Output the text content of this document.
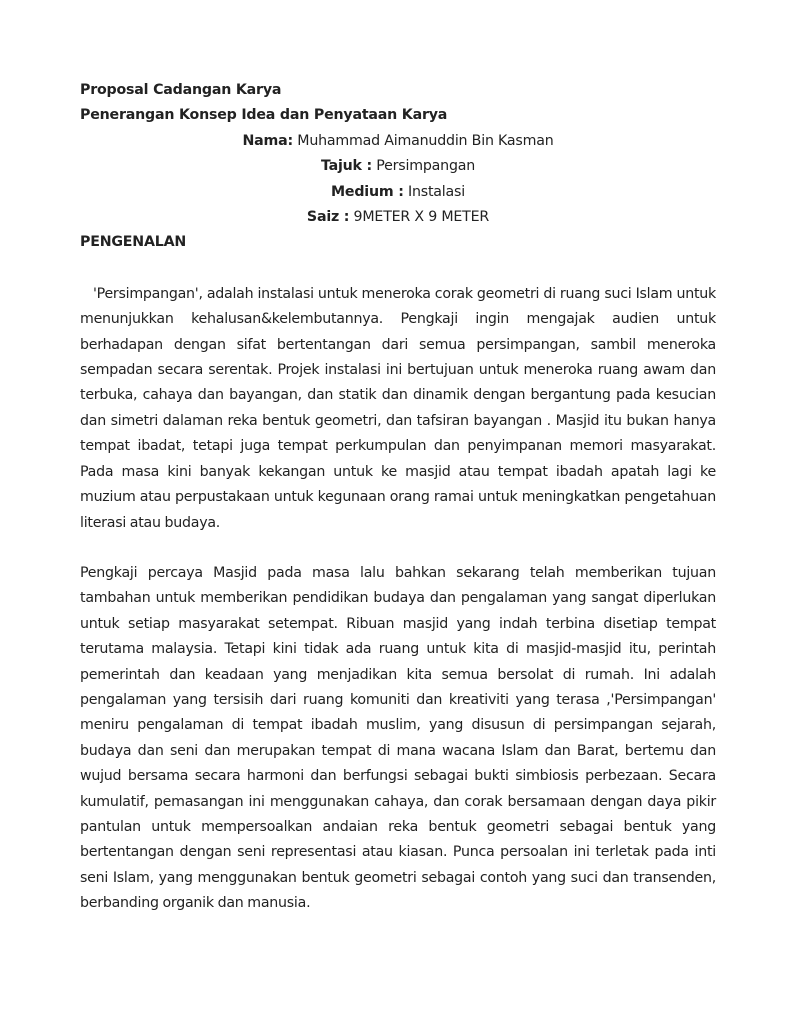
Proposal Cadangan Karya

Penerangan Konsep Idea dan Penyataan Karya

Nama: Muhammad Aimanuddin Bin Kasman

Tajuk : Persimpangan

Medium : Instalasi

Saiz : 9METER X 9 METER

PENGENALAN

'Persimpangan', adalah instalasi untuk meneroka corak geometri di ruang suci Islam untuk menunjukkan kehalusan&kelembutannya. Pengkaji ingin mengajak audien untuk berhadapan dengan sifat bertentangan dari semua persimpangan, sambil meneroka sempadan secara serentak. Projek instalasi ini bertujuan untuk meneroka ruang awam dan terbuka, cahaya dan bayangan, dan statik dan dinamik dengan bergantung pada kesucian dan simetri dalaman reka bentuk geometri, dan tafsiran bayangan . Masjid itu bukan hanya tempat ibadat, tetapi juga tempat perkumpulan dan penyimpanan memori masyarakat. Pada masa kini banyak kekangan untuk ke masjid atau tempat ibadah apatah lagi ke muzium atau perpustakaan untuk kegunaan orang ramai untuk meningkatkan pengetahuan literasi atau budaya.

Pengkaji percaya Masjid pada masa lalu bahkan sekarang telah memberikan tujuan tambahan untuk memberikan pendidikan budaya dan pengalaman yang sangat diperlukan untuk setiap masyarakat setempat. Ribuan masjid yang indah terbina disetiap tempat terutama malaysia. Tetapi kini tidak ada ruang untuk kita di masjid-masjid itu, perintah pemerintah dan keadaan yang menjadikan kita semua bersolat di rumah. Ini adalah pengalaman yang tersisih dari ruang komuniti dan kreativiti yang terasa ,'Persimpangan' meniru pengalaman di tempat ibadah muslim, yang disusun di persimpangan sejarah, budaya dan seni dan merupakan tempat di mana wacana Islam dan Barat, bertemu dan wujud bersama secara harmoni dan berfungsi sebagai bukti simbiosis perbezaan. Secara kumulatif, pemasangan ini menggunakan cahaya, dan corak bersamaan dengan daya pikir pantulan untuk mempersoalkan andaian reka bentuk geometri sebagai bentuk yang bertentangan dengan seni representasi atau kiasan. Punca persoalan ini terletak pada inti seni Islam, yang menggunakan bentuk geometri sebagai contoh yang suci dan transenden, berbanding organik dan manusia.
